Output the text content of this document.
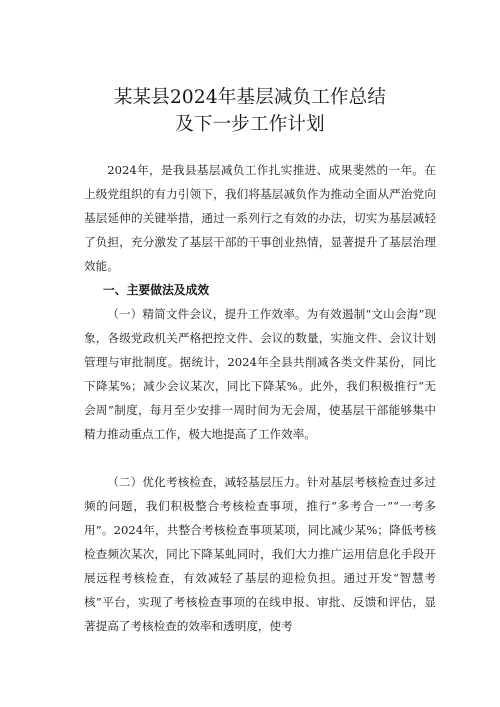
某某县2024年基层减负工作总结
及下一步工作计划

2024年，是我县基层减负工作扎实推进、成果斐然的一年。在上级党组织的有力引领下，我们将基层减负作为推动全面从严治党向基层延伸的关键举措，通过一系列行之有效的办法，切实为基层减轻了负担，充分激发了基层干部的干事创业热情，显著提升了基层治理效能。

一、主要做法及成效

（一）精简文件会议，提升工作效率。为有效遏制“文山会海”现象，各级党政机关严格把控文件、会议的数量，实施文件、会议计划管理与审批制度。据统计，2024年全县共削减各类文件某份，同比下降某%；减少会议某次，同比下降某%。此外，我们积极推行“无会周”制度，每月至少安排一周时间为无会周，使基层干部能够集中精力推动重点工作，极大地提高了工作效率。

（二）优化考核检查，减轻基层压力。针对基层考核检查过多过频的问题，我们积极整合考核检查事项，推行“多考合一”“一考多用”。2024年，共整合考核检查事项某项，同比减少某%；降低考核检查频次某次，同比下降某虬同时，我们大力推广运用信息化手段开展远程考核检查，有效减轻了基层的迎检负担。通过开发“智慧考核”平台，实现了考核检查事项的在线申报、审批、反馈和评估，显著提高了考核检查的效率和透明度，使考
